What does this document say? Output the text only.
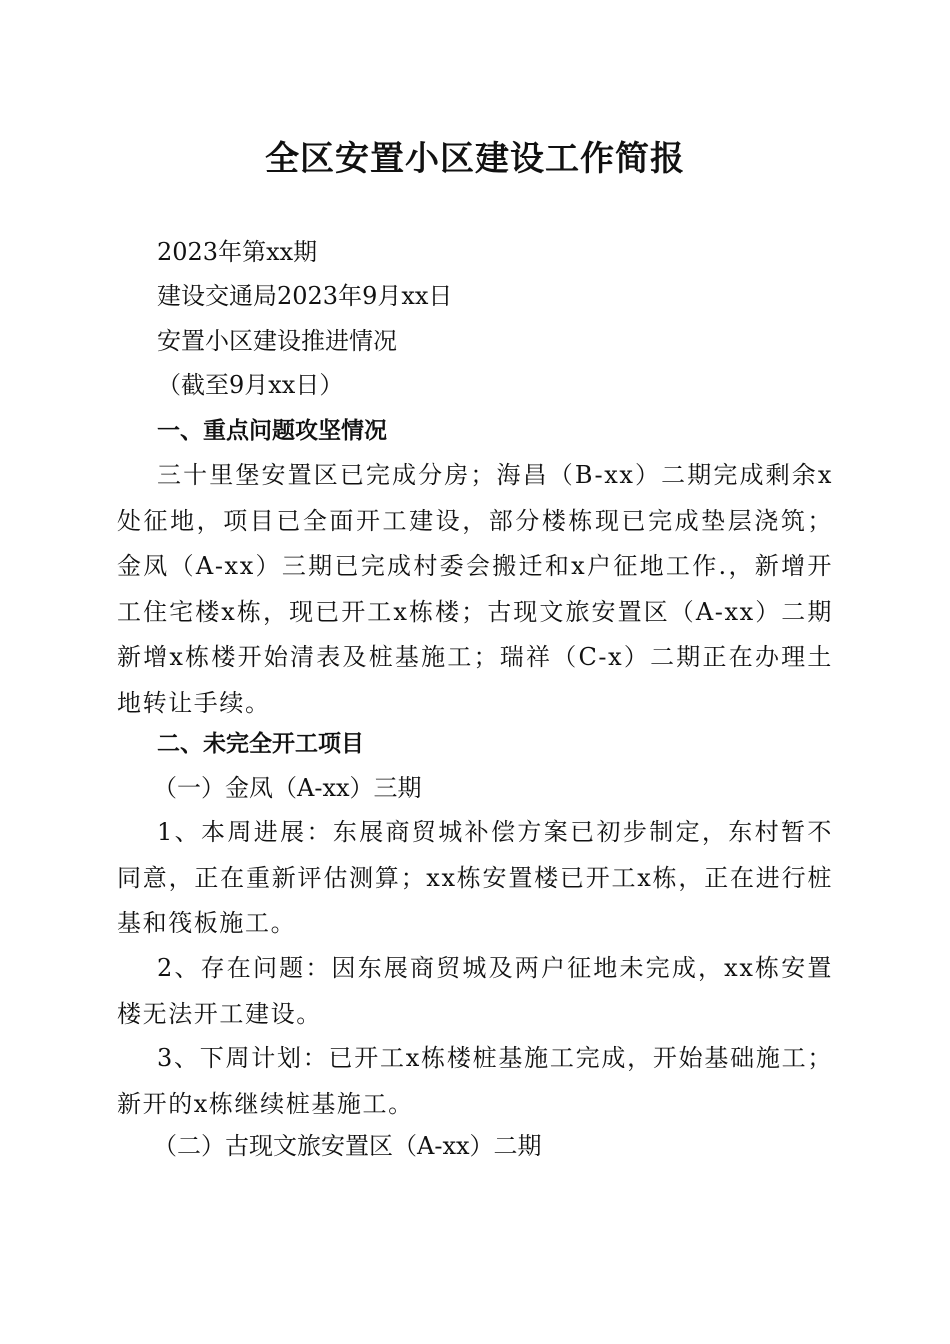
全区安置小区建设工作简报
2023年第xx期
建设交通局2023年9月xx日
安置小区建设推进情况
（截至9月xx日）
一、重点问题攻坚情况
三十里堡安置区已完成分房；海昌（B-xx）二期完成剩余x处征地，项目已全面开工建设，部分楼栋现已完成垫层浇筑；金凤（A-xx）三期已完成村委会搬迁和x户征地工作.，新增开工住宅楼x栋，现已开工x栋楼；古现文旅安置区（A-xx）二期新增x栋楼开始清表及桩基施工；瑞祥（C-x）二期正在办理土地转让手续。
二、未完全开工项目
（一）金凤（A-xx）三期
1、本周进展：东展商贸城补偿方案已初步制定，东村暂不同意，正在重新评估测算；xx栋安置楼已开工x栋，正在进行桩基和筏板施工。
2、存在问题：因东展商贸城及两户征地未完成，xx栋安置楼无法开工建设。
3、下周计划：已开工x栋楼桩基施工完成，开始基础施工；新开的x栋继续桩基施工。
（二）古现文旅安置区（A-xx）二期
